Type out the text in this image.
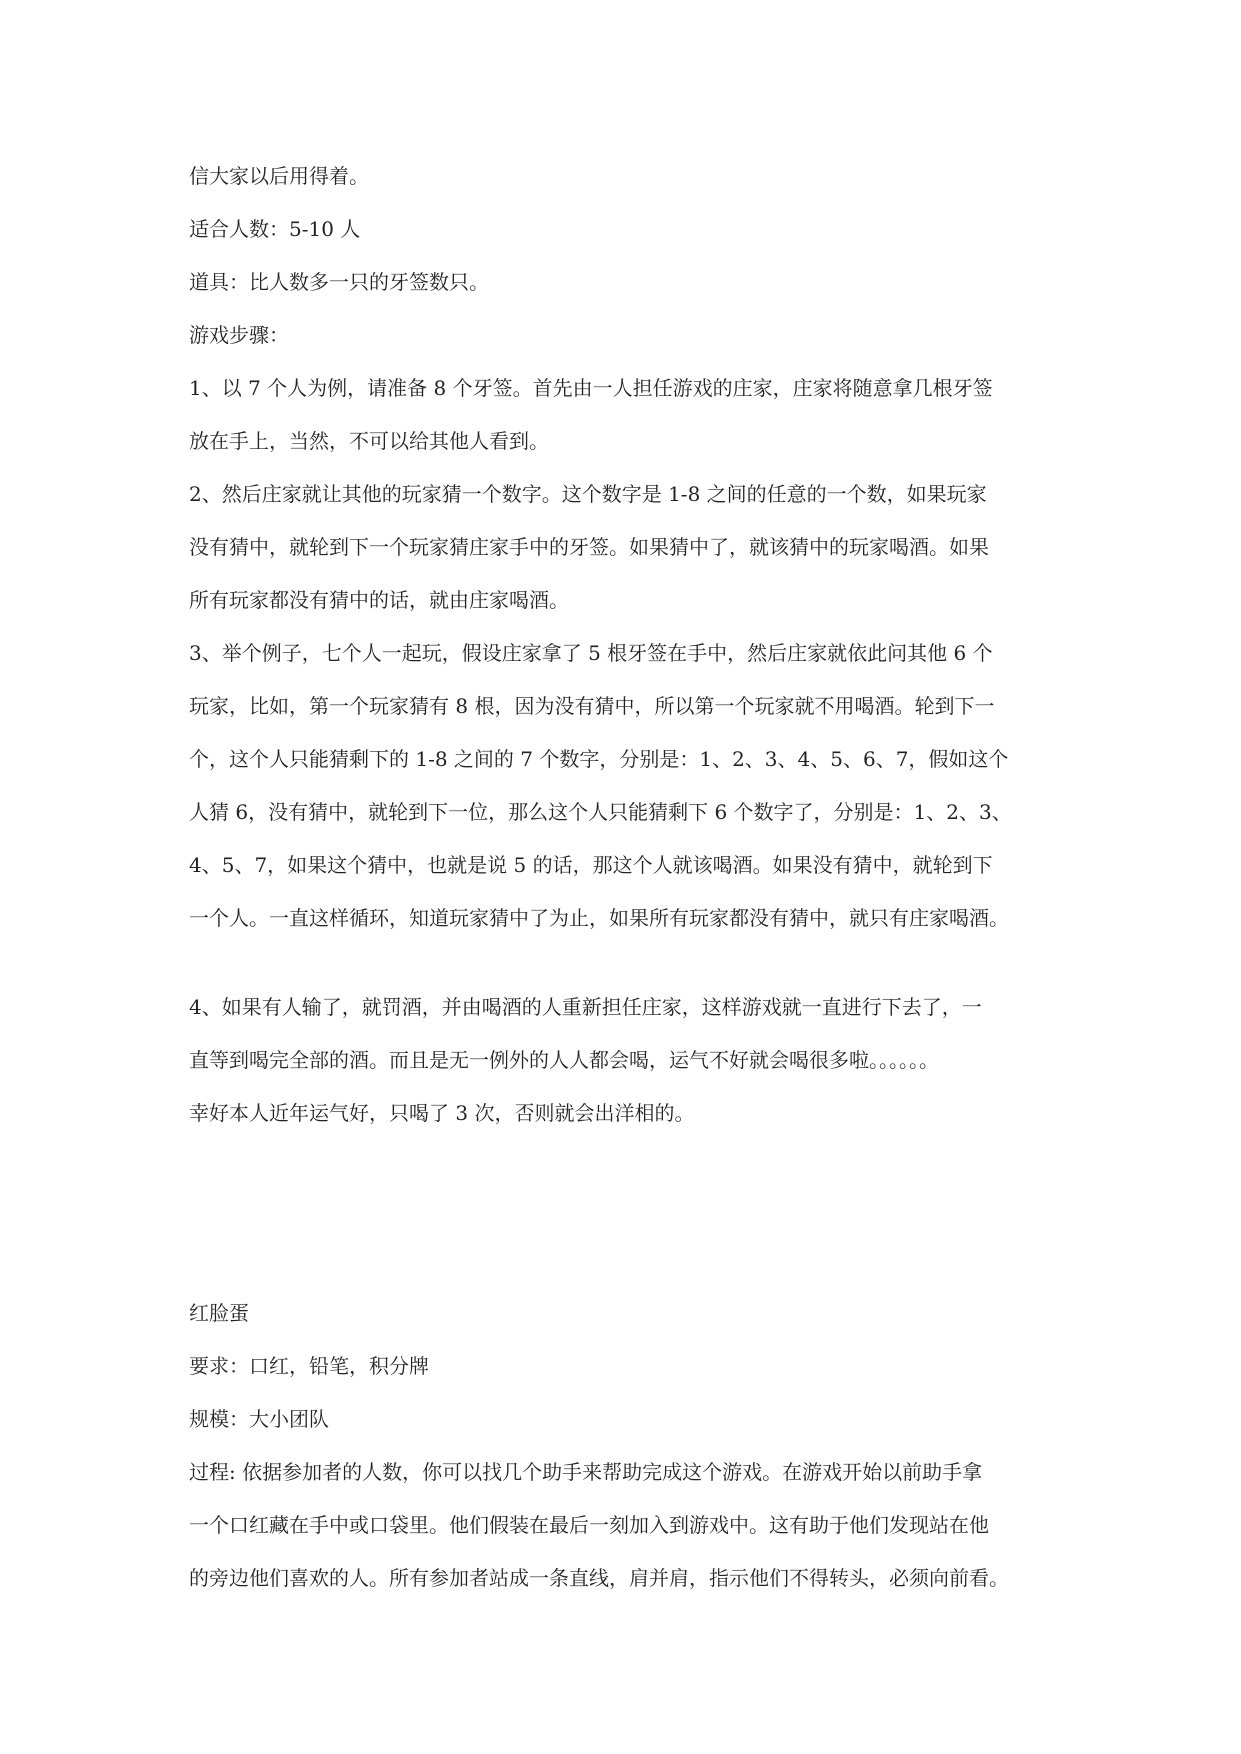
信大家以后用得着。
适合人数：5-10 人
道具：比人数多一只的牙签数只。
游戏步骤：
1、以 7 个人为例，请准备 8 个牙签。首先由一人担任游戏的庄家，庄家将随意拿几根牙签
放在手上，当然，不可以给其他人看到。
2、然后庄家就让其他的玩家猜一个数字。这个数字是 1-8 之间的任意的一个数，如果玩家
没有猜中，就轮到下一个玩家猜庄家手中的牙签。如果猜中了，就该猜中的玩家喝酒。如果
所有玩家都没有猜中的话，就由庄家喝酒。
3、举个例子，七个人一起玩，假设庄家拿了 5 根牙签在手中，然后庄家就依此问其他 6 个
玩家，比如，第一个玩家猜有 8 根，因为没有猜中，所以第一个玩家就不用喝酒。轮到下一
个，这个人只能猜剩下的 1-8 之间的 7 个数字，分别是：1、2、3、4、5、6、7，假如这个
人猜 6，没有猜中，就轮到下一位，那么这个人只能猜剩下 6 个数字了，分别是：1、2、3、
4、5、7，如果这个猜中，也就是说 5 的话，那这个人就该喝酒。如果没有猜中，就轮到下
一个人。一直这样循环，知道玩家猜中了为止，如果所有玩家都没有猜中，就只有庄家喝酒。
4、如果有人输了，就罚酒，并由喝酒的人重新担任庄家，这样游戏就一直进行下去了，一
直等到喝完全部的酒。而且是无一例外的人人都会喝，运气不好就会喝很多啦。。。。。。
幸好本人近年运气好，只喝了 3 次，否则就会出洋相的。
红脸蛋
要求：口红，铅笔，积分牌
规模：大小团队
过程: 依据参加者的人数，你可以找几个助手来帮助完成这个游戏。在游戏开始以前助手拿
一个口红藏在手中或口袋里。他们假装在最后一刻加入到游戏中。这有助于他们发现站在他
的旁边他们喜欢的人。所有参加者站成一条直线，肩并肩，指示他们不得转头，必须向前看。
